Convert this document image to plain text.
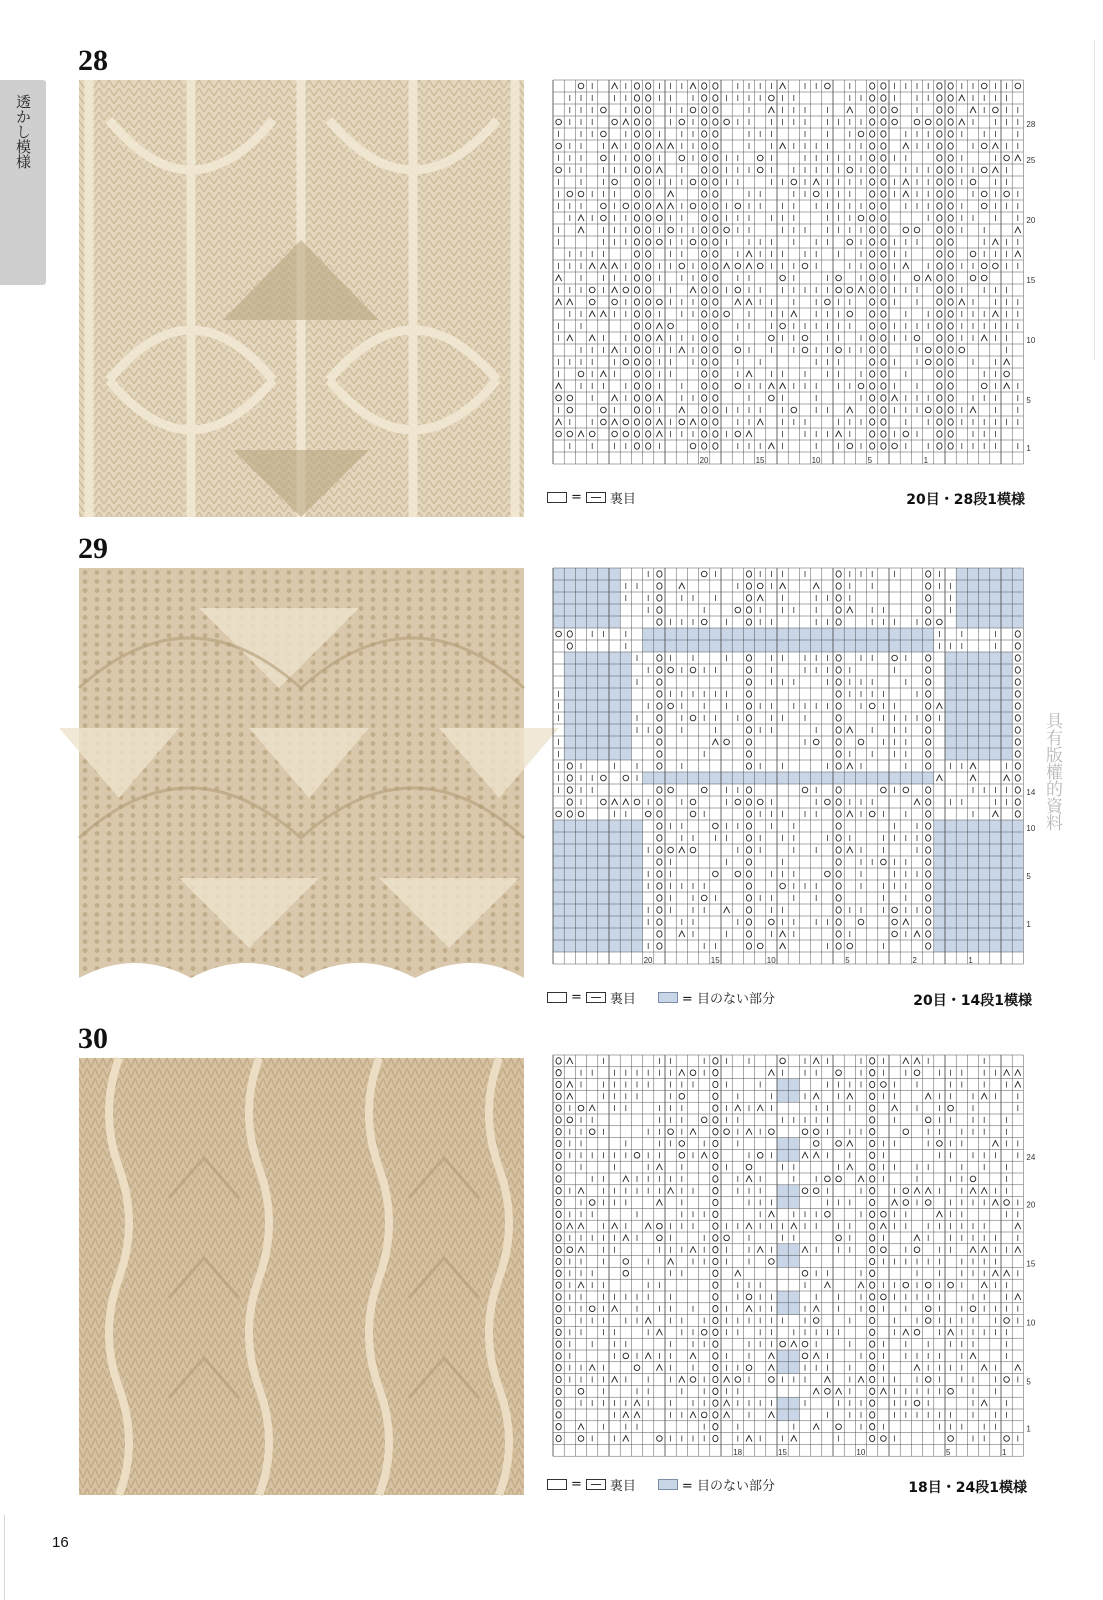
透かし模様
28
28
25
20
15
10
5
1
20	15	10	5	1
= 裏目	20目・28段1模様
29
14
10
5
1
20	15	10	5	2	1
= 裏目	= 目のない部分	20目・14段1模様
30
24
20
15
10
5
1
18	15	10	5	1
= 裏目	= 目のない部分	18目・24段1模様
具有版權的資料
16
